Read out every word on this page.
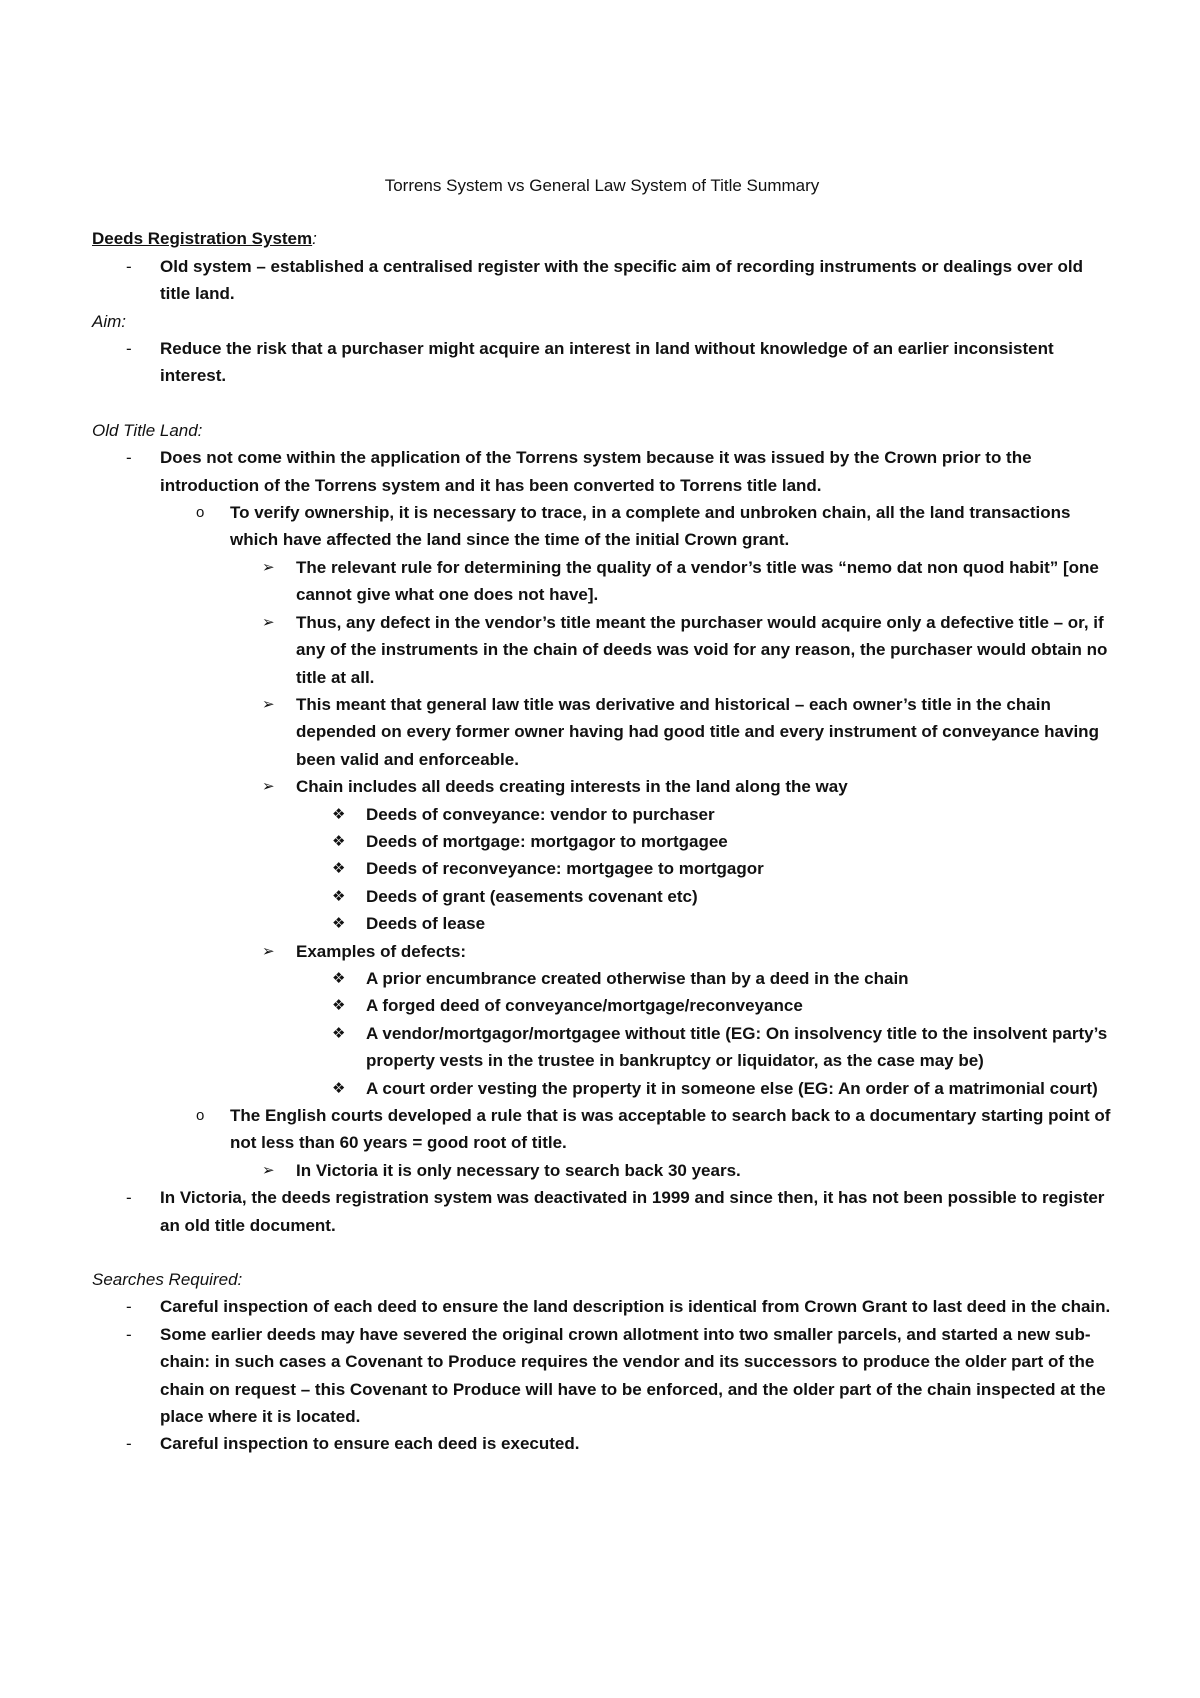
Torrens System vs General Law System of Title Summary

Deeds Registration System:

- Old system – established a centralised register with the specific aim of recording instruments or dealings over old title land.

Aim:

- Reduce the risk that a purchaser might acquire an interest in land without knowledge of an earlier inconsistent interest.

Old Title Land:

- Does not come within the application of the Torrens system because it was issued by the Crown prior to the introduction of the Torrens system and it has been converted to Torrens title land.
o To verify ownership, it is necessary to trace, in a complete and unbroken chain, all the land transactions which have affected the land since the time of the initial Crown grant.
➢ The relevant rule for determining the quality of a vendor’s title was “nemo dat non quod habit” [one cannot give what one does not have].
➢ Thus, any defect in the vendor’s title meant the purchaser would acquire only a defective title – or, if any of the instruments in the chain of deeds was void for any reason, the purchaser would obtain no title at all.
➢ This meant that general law title was derivative and historical – each owner’s title in the chain depended on every former owner having had good title and every instrument of conveyance having been valid and enforceable.
➢ Chain includes all deeds creating interests in the land along the way
❖ Deeds of conveyance: vendor to purchaser
❖ Deeds of mortgage: mortgagor to mortgagee
❖ Deeds of reconveyance: mortgagee to mortgagor
❖ Deeds of grant (easements covenant etc)
❖ Deeds of lease
➢ Examples of defects:
❖ A prior encumbrance created otherwise than by a deed in the chain
❖ A forged deed of conveyance/mortgage/reconveyance
❖ A vendor/mortgagor/mortgagee without title (EG: On insolvency title to the insolvent party’s property vests in the trustee in bankruptcy or liquidator, as the case may be)
❖ A court order vesting the property it in someone else (EG: An order of a matrimonial court)
o The English courts developed a rule that is was acceptable to search back to a documentary starting point of not less than 60 years = good root of title.
➢ In Victoria it is only necessary to search back 30 years.
- In Victoria, the deeds registration system was deactivated in 1999 and since then, it has not been possible to register an old title document.

Searches Required:

- Careful inspection of each deed to ensure the land description is identical from Crown Grant to last deed in the chain.
- Some earlier deeds may have severed the original crown allotment into two smaller parcels, and started a new sub-chain: in such cases a Covenant to Produce requires the vendor and its successors to produce the older part of the chain on request – this Covenant to Produce will have to be enforced, and the older part of the chain inspected at the place where it is located.
- Careful inspection to ensure each deed is executed.
